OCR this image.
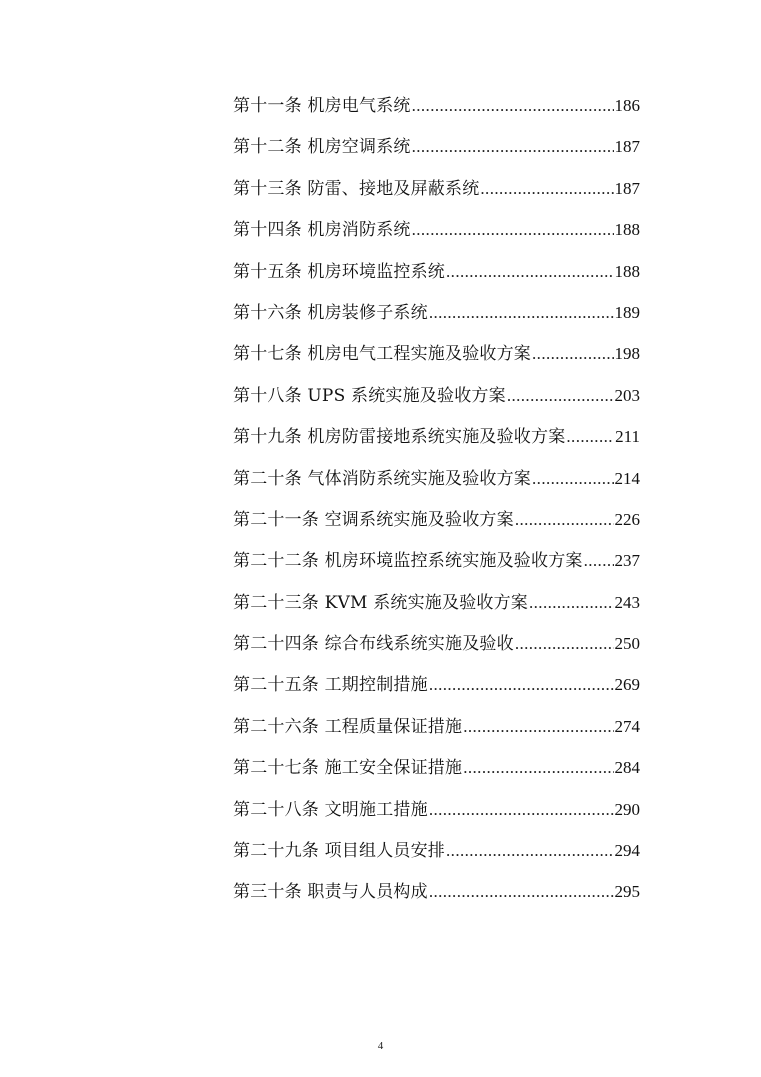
第十一条 机房电气系统 .....	186
第十二条 机房空调系统 .....	187
第十三条 防雷、接地及屏蔽系统 .....	187
第十四条 机房消防系统 .....	188
第十五条 机房环境监控系统 .....	188
第十六条 机房装修子系统 .....	189
第十七条 机房电气工程实施及验收方案 .....	198
第十八条 UPS 系统实施及验收方案 .....	203
第十九条 机房防雷接地系统实施及验收方案 .....	211
第二十条 气体消防系统实施及验收方案 .....	214
第二十一条 空调系统实施及验收方案 .....	226
第二十二条 机房环境监控系统实施及验收方案 ..... 237
第二十三条 KVM 系统实施及验收方案 .....	243
第二十四条 综合布线系统实施及验收 .....	250
第二十五条 工期控制措施 .....	269
第二十六条 工程质量保证措施 .....	274
第二十七条 施工安全保证措施 .....	284
第二十八条 文明施工措施 .....	290
第二十九条 项目组人员安排 .....	294
第三十条 职责与人员构成 .....	295
4
